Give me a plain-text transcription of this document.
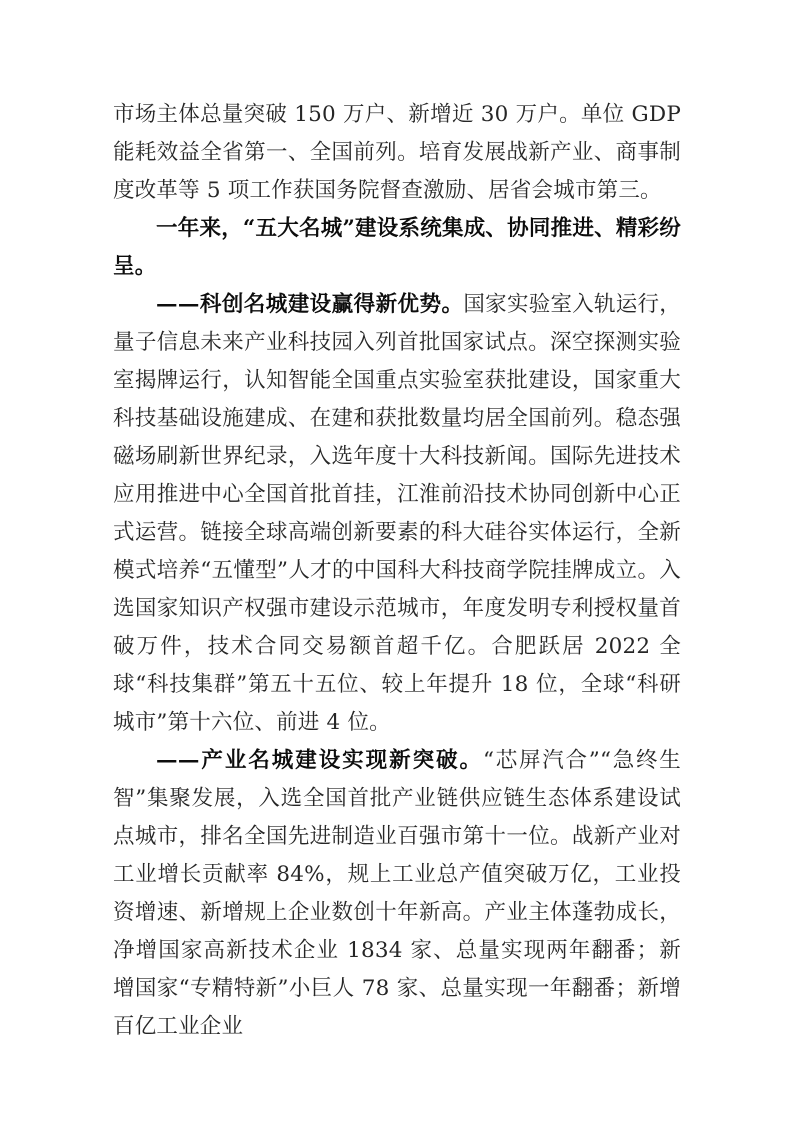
市场主体总量突破 150 万户、新增近 30 万户。单位 GDP 能耗效益全省第一、全国前列。培育发展战新产业、商事制度改革等 5 项工作获国务院督查激励、居省会城市第三。

一年来，“五大名城”建设系统集成、协同推进、精彩纷呈。

——科创名城建设赢得新优势。国家实验室入轨运行，量子信息未来产业科技园入列首批国家试点。深空探测实验室揭牌运行，认知智能全国重点实验室获批建设，国家重大科技基础设施建成、在建和获批数量均居全国前列。稳态强磁场刷新世界纪录，入选年度十大科技新闻。国际先进技术应用推进中心全国首批首挂，江淮前沿技术协同创新中心正式运营。链接全球高端创新要素的科大硅谷实体运行，全新模式培养“五懂型”人才的中国科大科技商学院挂牌成立。入选国家知识产权强市建设示范城市，年度发明专利授权量首破万件，技术合同交易额首超千亿。合肥跃居 2022 全球“科技集群”第五十五位、较上年提升 18 位，全球“科研城市”第十六位、前进 4 位。

——产业名城建设实现新突破。“芯屏汽合”“急终生智”集聚发展，入选全国首批产业链供应链生态体系建设试点城市，排名全国先进制造业百强市第十一位。战新产业对工业增长贡献率 84%，规上工业总产值突破万亿，工业投资增速、新增规上企业数创十年新高。产业主体蓬勃成长，净增国家高新技术企业 1834 家、总量实现两年翻番；新增国家“专精特新”小巨人 78 家、总量实现一年翻番；新增百亿工业企业
